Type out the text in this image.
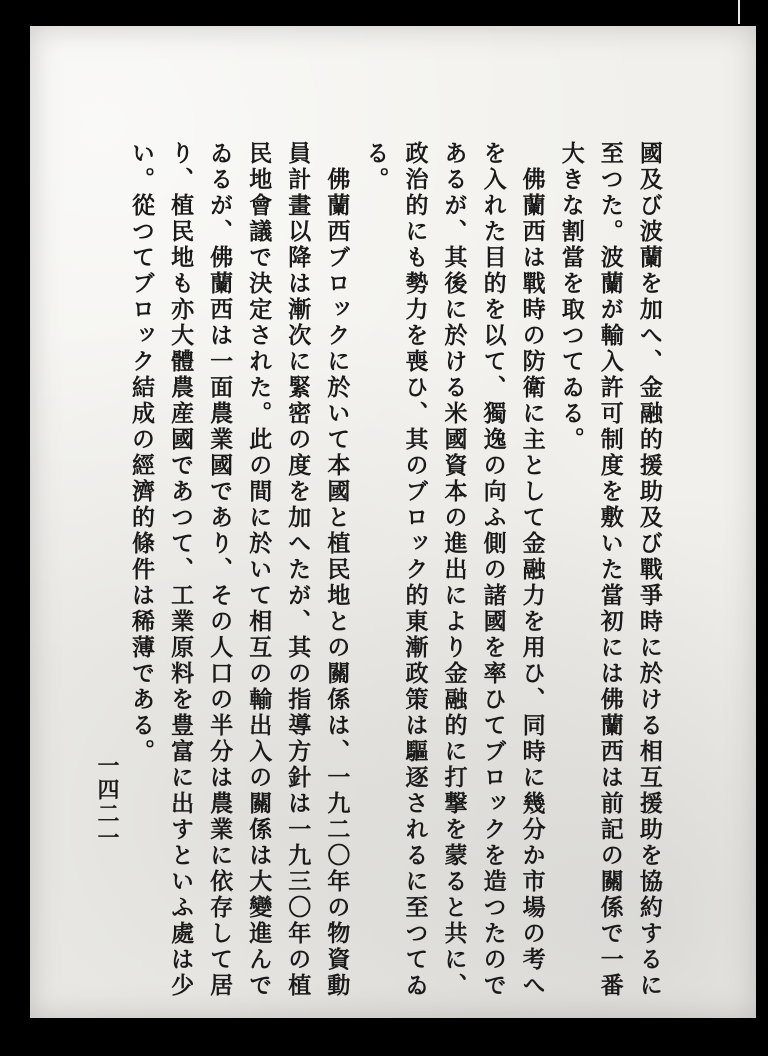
國及び波蘭を加へ、金融的援助及び戰爭時に於ける相互援助を協約するに
至つた。波蘭が輸入許可制度を敷いた當初には佛蘭西は前記の關係で一番
大きな割當を取つてゐる。
佛蘭西は戰時の防衛に主として金融力を用ひ、同時に幾分か市場の考へ
を入れた目的を以て、獨逸の向ふ側の諸國を率ひてブロックを造つたので
あるが、其後に於ける米國資本の進出により金融的に打撃を蒙ると共に、
政治的にも勢力を喪ひ、其のブロック的東漸政策は驅逐されるに至つてゐ
る。
佛蘭西ブロックに於いて本國と植民地との關係は、一九二〇年の物資動
員計畫以降は漸次に緊密の度を加へたが、其の指導方針は一九三〇年の植
民地會議で決定された。此の間に於いて相互の輸出入の關係は大變進んで
ゐるが、佛蘭西は一面農業國であり、その人口の半分は農業に依存して居
り、植民地も亦大體農産國であつて、工業原料を豊富に出すといふ處は少
い。從つてブロック結成の經濟的條件は稀薄である。
一四二一
